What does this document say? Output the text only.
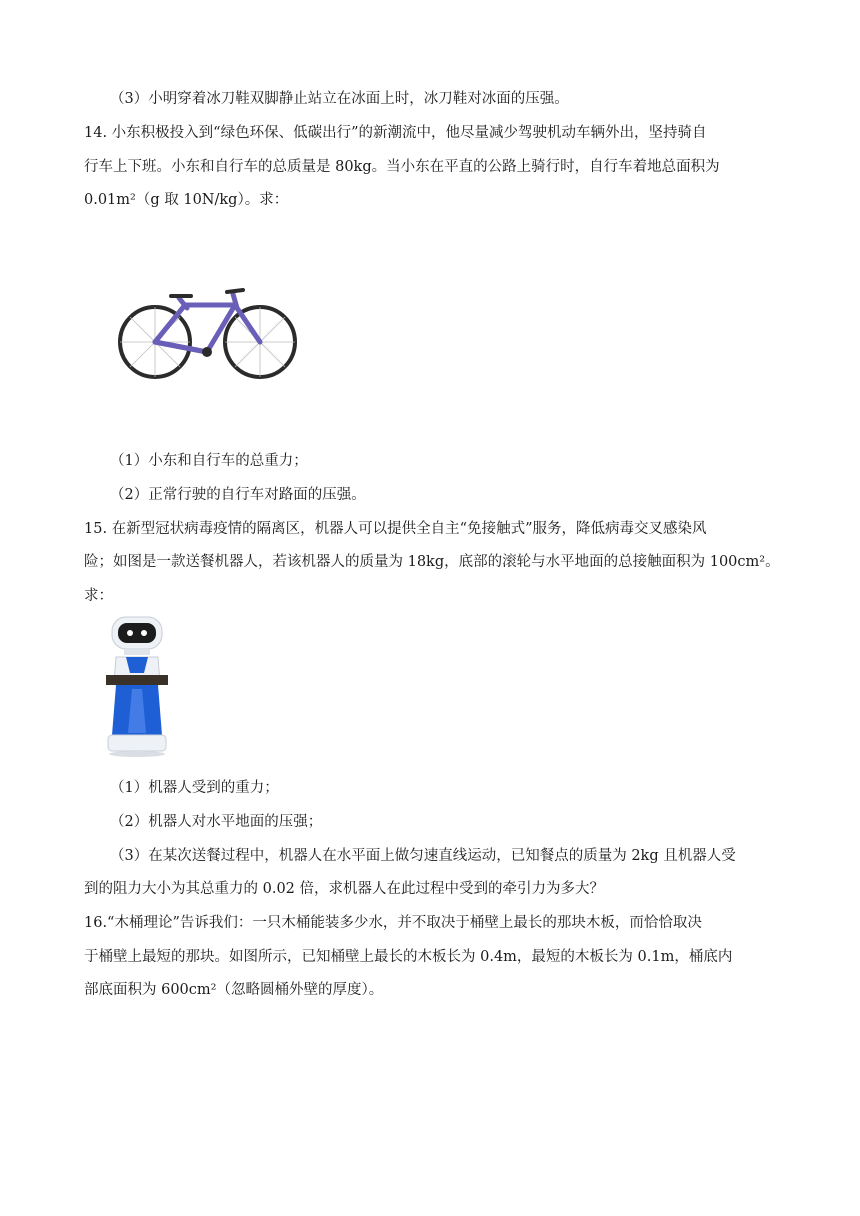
（3）小明穿着冰刀鞋双脚静止站立在冰面上时，冰刀鞋对冰面的压强。
14. 小东积极投入到“绿色环保、低碳出行”的新潮流中，他尽量减少驾驶机动车辆外出，坚持骑自
行车上下班。小东和自行车的总质量是 80kg。当小东在平直的公路上骑行时，自行车着地总面积为
0.01m²（g 取 10N/kg）。求：
（1）小东和自行车的总重力；
（2）正常行驶的自行车对路面的压强。
15. 在新型冠状病毒疫情的隔离区，机器人可以提供全自主“免接触式”服务，降低病毒交叉感染风
险；如图是一款送餐机器人，若该机器人的质量为 18kg，底部的滚轮与水平地面的总接触面积为 100cm²。
求：
（1）机器人受到的重力；
（2）机器人对水平地面的压强；
（3）在某次送餐过程中，机器人在水平面上做匀速直线运动，已知餐点的质量为 2kg 且机器人受
到的阻力大小为其总重力的 0.02 倍，求机器人在此过程中受到的牵引力为多大？
16.“木桶理论”告诉我们：一只木桶能装多少水，并不取决于桶壁上最长的那块木板，而恰恰取决
于桶壁上最短的那块。如图所示，已知桶壁上最长的木板长为 0.4m，最短的木板长为 0.1m，桶底内
部底面积为 600cm²（忽略圆桶外壁的厚度）。
